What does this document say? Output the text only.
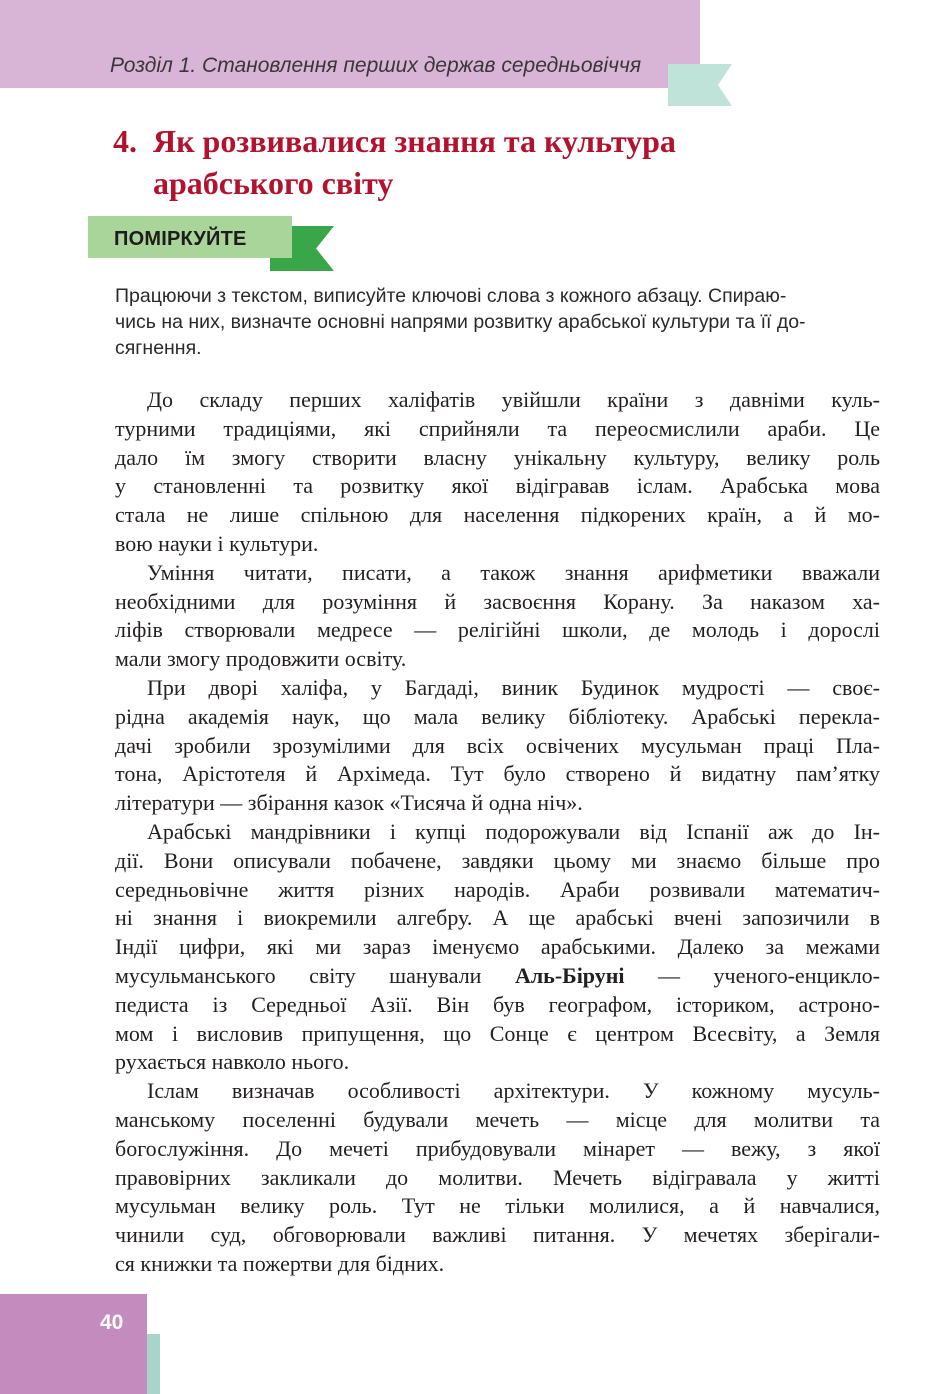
Розділ 1. Становлення перших держав середньовіччя
4. Як розвивалися знання та культура
арабського світу
ПОМІРКУЙТЕ
Працюючи з текстом, виписуйте ключові слова з кожного абзацу. Спираю-
чись на них, визначте основні напрями розвитку арабської культури та її до-
сягнення.
До складу перших халіфатів увійшли країни з давніми куль-
турними традиціями, які сприйняли та переосмислили араби. Це
дало їм змогу створити власну унікальну культуру, велику роль
у становленні та розвитку якої відігравав іслам. Арабська мова
стала не лише спільною для населення підкорених країн, а й мо-
вою науки і культури.
Уміння читати, писати, а також знання арифметики вважали
необхідними для розуміння й засвоєння Корану. За наказом ха-
ліфів створювали медресе — релігійні школи, де молодь і дорослі
мали змогу продовжити освіту.
При дворі халіфа, у Багдаді, виник Будинок мудрості — своє-
рідна академія наук, що мала велику бібліотеку. Арабські перекла-
дачі зробили зрозумілими для всіх освічених мусульман праці Пла-
тона, Арістотеля й Архімеда. Тут було створено й видатну пам’ятку
літератури — збірання казок «Тисяча й одна ніч».
Арабські мандрівники і купці подорожували від Іспанії аж до Ін-
дії. Вони описували побачене, завдяки цьому ми знаємо більше про
середньовічне життя різних народів. Араби розвивали математич-
ні знання і виокремили алгебру. А ще арабські вчені запозичили в
Індії цифри, які ми зараз іменуємо арабськими. Далеко за межами
мусульманського світу шанували Аль-Біруні — ученого-енцикло-
педиста із Середньої Азії. Він був географом, істориком, астроно-
мом і висловив припущення, що Сонце є центром Всесвіту, а Земля
рухається навколо нього.
Іслам визначав особливості архітектури. У кожному мусуль-
манському поселенні будували мечеть — місце для молитви та
богослужіння. До мечеті прибудовували мінарет — вежу, з якої
правовірних закликали до молитви. Мечеть відігравала у житті
мусульман велику роль. Тут не тільки молилися, а й навчалися,
чинили суд, обговорювали важливі питання. У мечетях зберігали-
ся книжки та пожертви для бідних.
40
